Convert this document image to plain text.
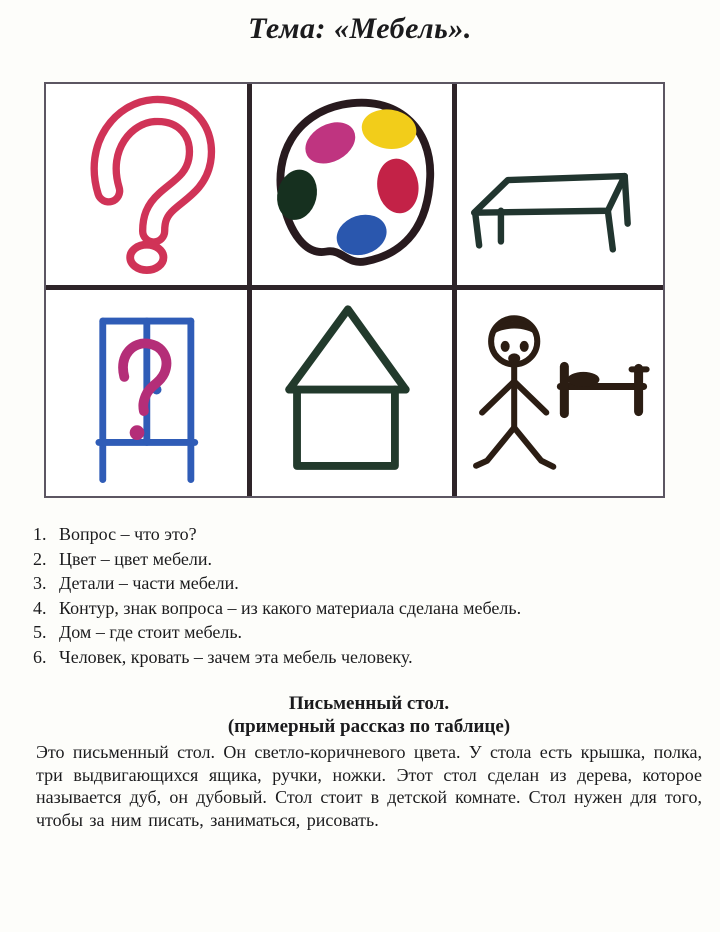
Тема: «Мебель».
1. Вопрос – что это?
2. Цвет – цвет мебели.
3. Детали – части мебели.
4. Контур, знак вопроса – из какого материала сделана мебель.
5. Дом – где стоит мебель.
6. Человек, кровать – зачем эта мебель человеку.
Письменный стол.
(примерный рассказ по таблице)

Это письменный стол. Он светло-коричневого цвета. У стола есть крышка, полка, три выдвигающихся ящика, ручки, ножки. Этот стол сделан из дерева, которое называется дуб, он дубовый. Стол стоит в детской комнате. Стол нужен для того, чтобы за ним писать, заниматься, рисовать.
